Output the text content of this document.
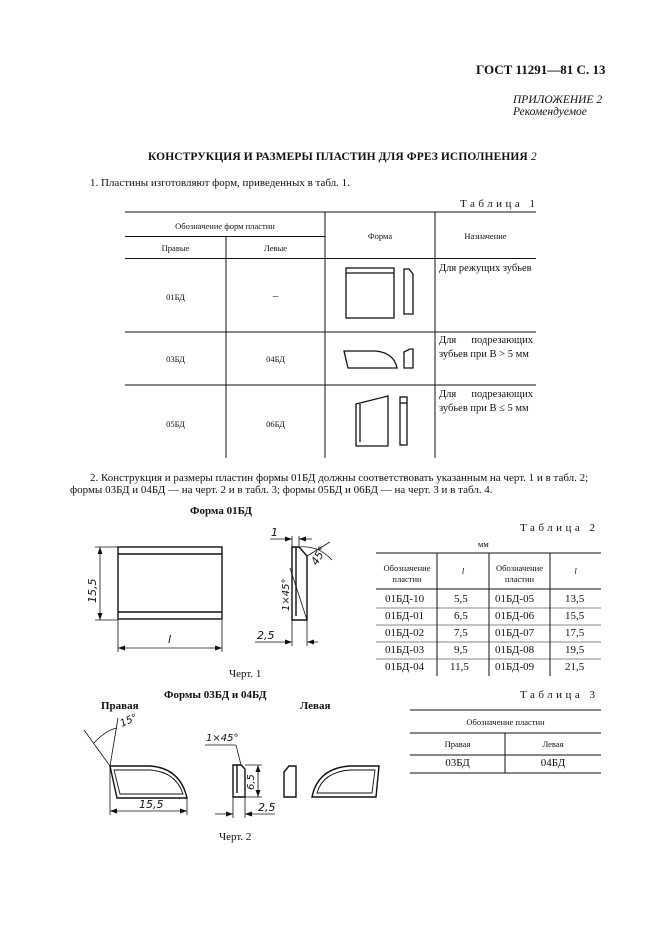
ГОСТ 11291—81 С. 13
ПРИЛОЖЕНИЕ 2
Рекомендуемое
КОНСТРУКЦИЯ И РАЗМЕРЫ ПЛАСТИН ДЛЯ ФРЕЗ ИСПОЛНЕНИЯ 2
1. Пластины изготовляют форм, приведенных в табл. 1.
Таблица 1
Обозначение форм пластин
Правые	Левые
Форма	Назначение
01БД	–
Для режущих зубьев
03БД	04БД
Для подрезающих зубьев при B > 5 мм
05БД	06БД
Для подрезающих зубьев при B ≤ 5 мм
2. Конструкция и размеры пластин формы 01БД должны соответствовать указанным на черт. 1 и в табл. 2;
формы 03БД и 04БД — на черт. 2 и в табл. 3; формы 05БД и 06БД — на черт. 3 и в табл. 4.
Форма 01БД
15,5
l
1
45°
1×45°
2,5
Черт. 1
Таблица 2
мм
Обозначение пластин
l	Обозначение пластин
l
01БД-10	5,5 01БД-05	13,5
01БД-01	6,5 01БД-06	15,5
01БД-02	7,5 01БД-07	17,5
01БД-03	9,5 01БД-08	19,5
01БД-04 11,5 01БД-09	21,5
Формы 03БД и 04БД
Правая	Левая
15°
1×45°
6,5
15,5	2,5
Черт. 2
Таблица 3
Обозначение пластин
Правая	Левая
03БД	04БД
